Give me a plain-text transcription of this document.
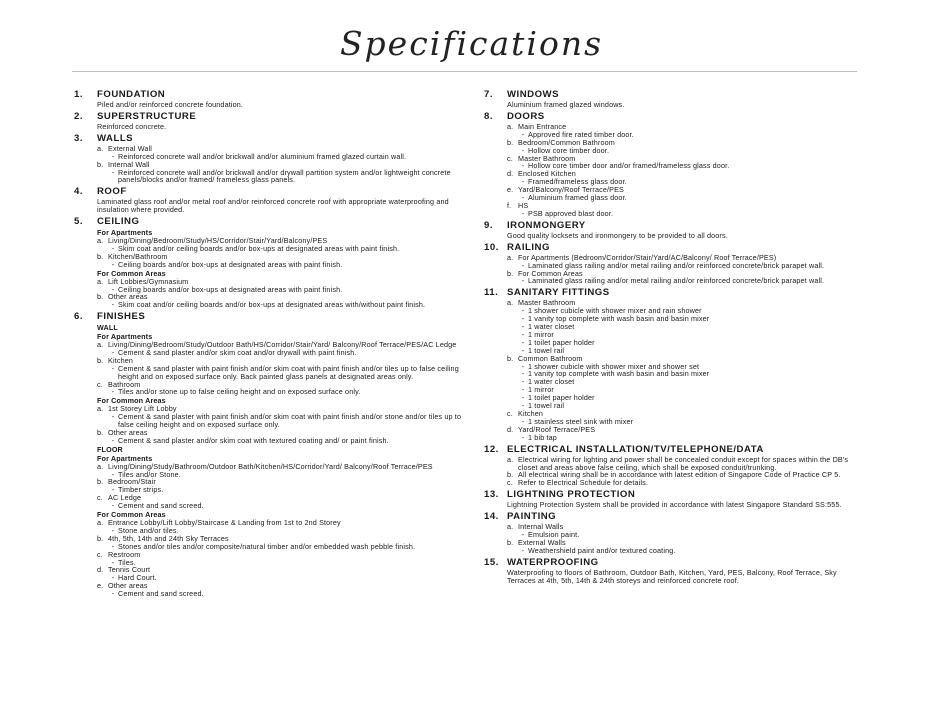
Specifications
1.	FOUNDATION
Piled and/or reinforced concrete foundation.
2.	SUPERSTRUCTURE
Reinforced concrete.
3.	WALLS
a. External Wall
- Reinforced concrete wall and/or brickwall and/or aluminium framed glazed curtain wall.
b. Internal Wall
- Reinforced concrete wall and/or brickwall and/or drywall partition system and/or lightweight concrete panels/blocks and/or framed/ frameless glass panels.
4.	ROOF
Laminated glass roof and/or metal roof and/or reinforced concrete roof with appropriate waterproofing and insulation where provided.
5.	CEILING
For Apartments
a. Living/Dining/Bedroom/Study/HS/Corridor/Stair/Yard/Balcony/PES
- Skim coat and/or ceiling boards and/or box-ups at designated areas with paint finish.
b. Kitchen/Bathroom
- Ceiling boards and/or box-ups at designated areas with paint finish.
For Common Areas
a. Lift Lobbies/Gymnasium
- Ceiling boards and/or box-ups at designated areas with paint finish.
b. Other areas
- Skim coat and/or ceiling boards and/or box-ups at designated areas with/without paint finish.
6.	FINISHES
WALL
For Apartments
a. Living/Dining/Bedroom/Study/Outdoor Bath/HS/Corridor/Stair/Yard/ Balcony/Roof Terrace/PES/AC Ledge
- Cement & sand plaster and/or skim coat and/or drywall with paint finish.
b. Kitchen
- Cement & sand plaster with paint finish and/or skim coat with paint finish and/or tiles up to false ceiling height and on exposed surface only. Back painted glass panels at designated areas only.
c. Bathroom
- Tiles and/or stone up to false ceiling height and on exposed surface only.
For Common Areas
a. 1st Storey Lift Lobby
- Cement & sand plaster with paint finish and/or skim coat with paint finish and/or stone and/or tiles up to false ceiling height and on exposed surface only.
b. Other areas
- Cement & sand plaster and/or skim coat with textured coating and/ or paint finish.
FLOOR
For Apartments
a. Living/Dining/Study/Bathroom/Outdoor Bath/Kitchen/HS/Corridor/Yard/ Balcony/Roof Terrace/PES
- Tiles and/or Stone.
b. Bedroom/Stair
- Timber strips.
c. AC Ledge
- Cement and sand screed.
For Common Areas
a. Entrance Lobby/Lift Lobby/Staircase & Landing from 1st to 2nd Storey
- Stone and/or tiles.
b. 4th, 5th, 14th and 24th Sky Terraces
- Stones and/or tiles and/or composite/natural timber and/or embedded wash pebble finish.
c. Restroom
- Tiles.
d. Tennis Court
- Hard Court.
e. Other areas
- Cement and sand screed.
7.	WINDOWS
Aluminium framed glazed windows.
8.	DOORS
a. Main Entrance
- Approved fire rated timber door.
b. Bedroom/Common Bathroom
- Hollow core timber door.
c. Master Bathroom
- Hollow core timber door and/or framed/frameless glass door.
d. Enclosed Kitchen
- Framed/frameless glass door.
e. Yard/Balcony/Roof Terrace/PES
- Aluminium framed glass door.
f. HS
- PSB approved blast door.
9.	IRONMONGERY
Good quality locksets and ironmongery to be provided to all doors.
10. RAILING
a. For Apartments (Bedroom/Corridor/Stair/Yard/AC/Balcony/ Roof Terrace/PES)
- Laminated glass railing and/or metal railing and/or reinforced concrete/brick parapet wall.
b. For Common Areas
- Laminated glass railing and/or metal railing and/or reinforced concrete/brick parapet wall.
11. SANITARY FITTINGS
a. Master Bathroom
- 1 shower cubicle with shower mixer and rain shower
- 1 vanity top complete with wash basin and basin mixer
- 1 water closet
- 1 mirror
- 1 toilet paper holder
- 1 towel rail
b. Common Bathroom
- 1 shower cubicle with shower mixer and shower set
- 1 vanity top complete with wash basin and basin mixer
- 1 water closet
- 1 mirror
- 1 toilet paper holder
- 1 towel rail
c. Kitchen
- 1 stainless steel sink with mixer
d. Yard/Roof Terrace/PES
- 1 bib tap
12. ELECTRICAL INSTALLATION/TV/TELEPHONE/DATA
a. Electrical wiring for lighting and power shall be concealed conduit except for spaces within the DB's closet and areas above false ceiling, which shall be exposed conduit/trunking.
b. All electrical wiring shall be in accordance with latest edition of Singapore Code of Practice CP 5.
c. Refer to Electrical Schedule for details.
13. LIGHTNING PROTECTION
Lightning Protection System shall be provided in accordance with latest Singapore Standard SS:555.
14. PAINTING
a. Internal Walls
- Emulsion paint.
b. External Walls
- Weathershield paint and/or textured coating.
15. WATERPROOFING
Waterproofing to floors of Bathroom, Outdoor Bath, Kitchen, Yard, PES, Balcony, Roof Terrace, Sky Terraces at 4th, 5th, 14th & 24th storeys and reinforced concrete roof.
